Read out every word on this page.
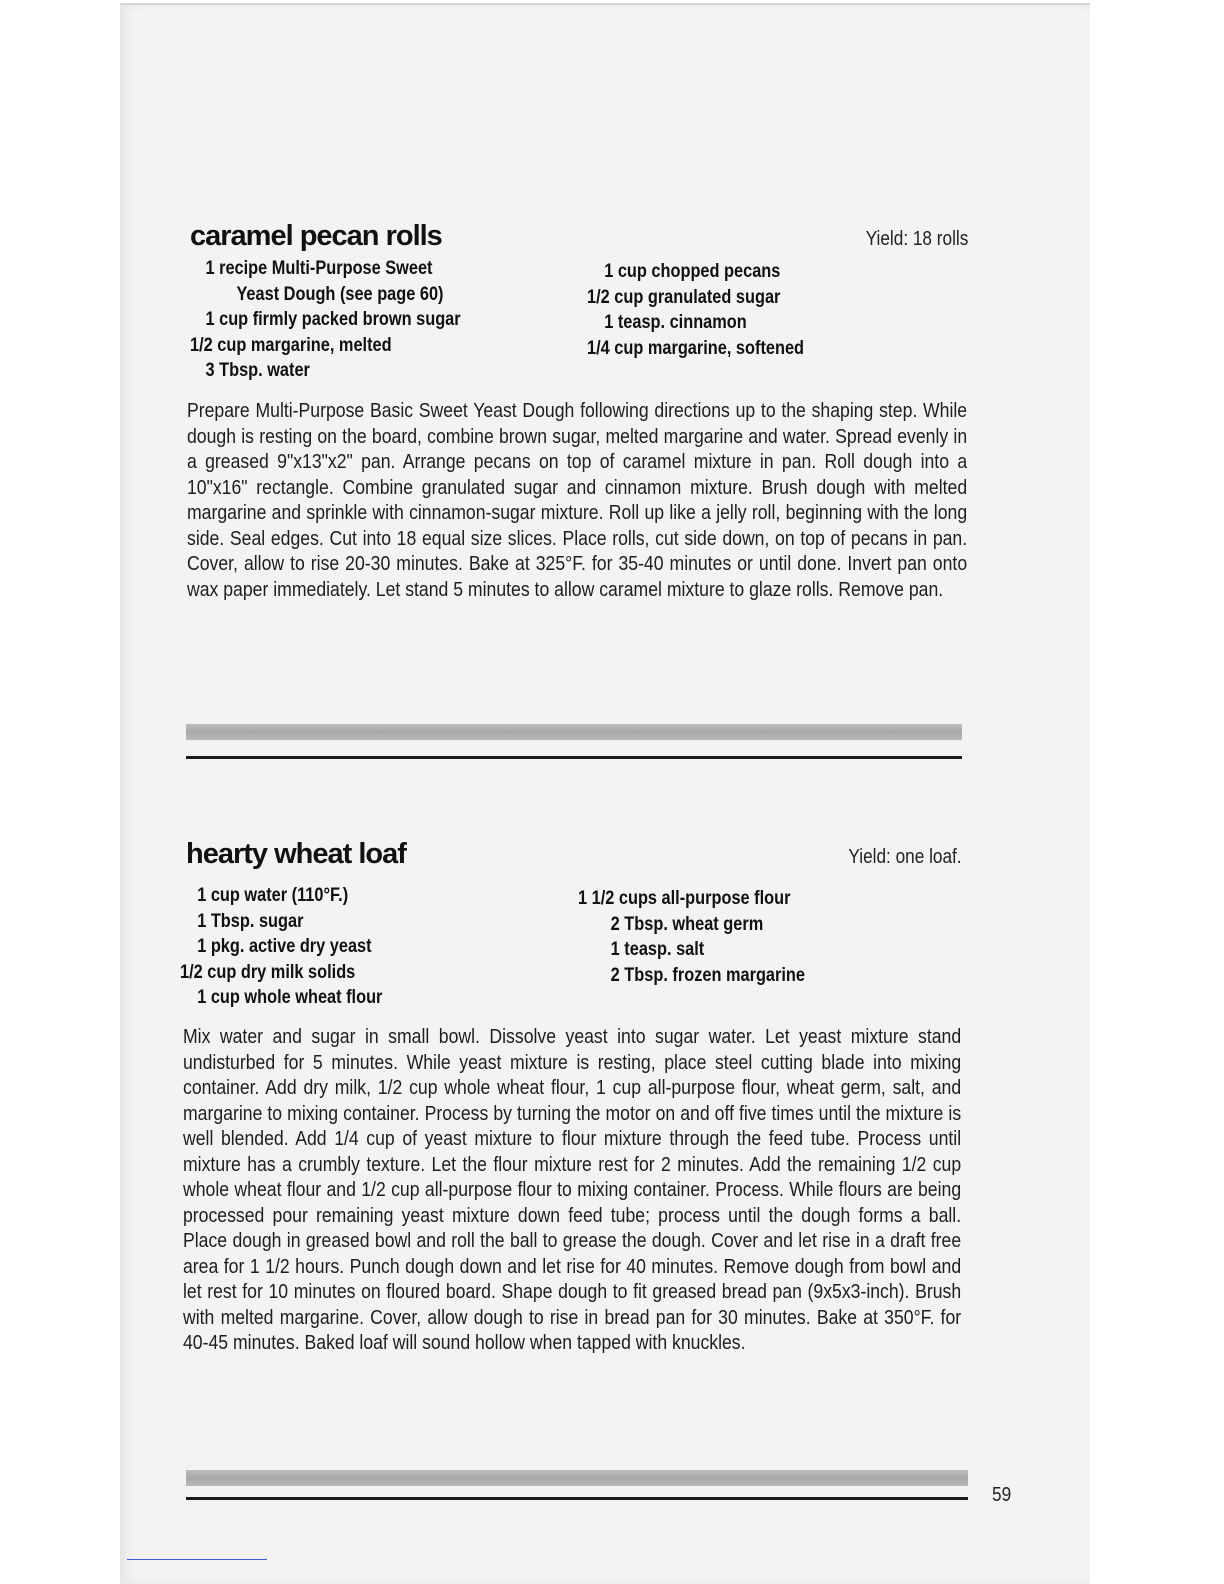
caramel pecan rolls	Yield: 18 rolls
1 recipe Multi-Purpose Sweet
Yeast Dough (see page 60)
1 cup firmly packed brown sugar
1/2 cup margarine, melted
3 Tbsp. water
1 cup chopped pecans
1/2 cup granulated sugar
1 teasp. cinnamon
1/4 cup margarine, softened

Prepare Multi-Purpose Basic Sweet Yeast Dough following directions up to the shaping step. While dough is resting on the board, combine brown sugar, melted margarine and water. Spread evenly in a greased 9"x13"x2" pan. Arrange pecans on top of caramel mixture in pan. Roll dough into a 10"x16" rectangle. Combine granulated sugar and cinnamon mixture. Brush dough with melted margarine and sprinkle with cinnamon-sugar mixture. Roll up like a jelly roll, beginning with the long side. Seal edges. Cut into 18 equal size slices. Place rolls, cut side down, on top of pecans in pan. Cover, allow to rise 20-30 minutes. Bake at 325°F. for 35-40 minutes or until done. Invert pan onto wax paper immediately. Let stand 5 minutes to allow caramel mixture to glaze rolls. Remove pan.

hearty wheat loaf	Yield: one loaf.
1 cup water (110°F.)
1 Tbsp. sugar
1 pkg. active dry yeast
1/2 cup dry milk solids
1 cup whole wheat flour
1 1/2 cups all-purpose flour
2 Tbsp. wheat germ
1 teasp. salt
2 Tbsp. frozen margarine

Mix water and sugar in small bowl. Dissolve yeast into sugar water. Let yeast mixture stand undisturbed for 5 minutes. While yeast mixture is resting, place steel cutting blade into mixing container. Add dry milk, 1/2 cup whole wheat flour, 1 cup all-purpose flour, wheat germ, salt, and margarine to mixing container. Process by turning the motor on and off five times until the mixture is well blended. Add 1/4 cup of yeast mixture to flour mixture through the feed tube. Process until mixture has a crumbly texture. Let the flour mixture rest for 2 minutes. Add the remaining 1/2 cup whole wheat flour and 1/2 cup all-purpose flour to mixing container. Process. While flours are being processed pour remaining yeast mixture down feed tube; process until the dough forms a ball. Place dough in greased bowl and roll the ball to grease the dough. Cover and let rise in a draft free area for 1 1/2 hours. Punch dough down and let rise for 40 minutes. Remove dough from bowl and let rest for 10 minutes on floured board. Shape dough to fit greased bread pan (9x5x3-inch). Brush with melted margarine. Cover, allow dough to rise in bread pan for 30 minutes. Bake at 350°F. for 40-45 minutes. Baked loaf will sound hollow when tapped with knuckles.

59
